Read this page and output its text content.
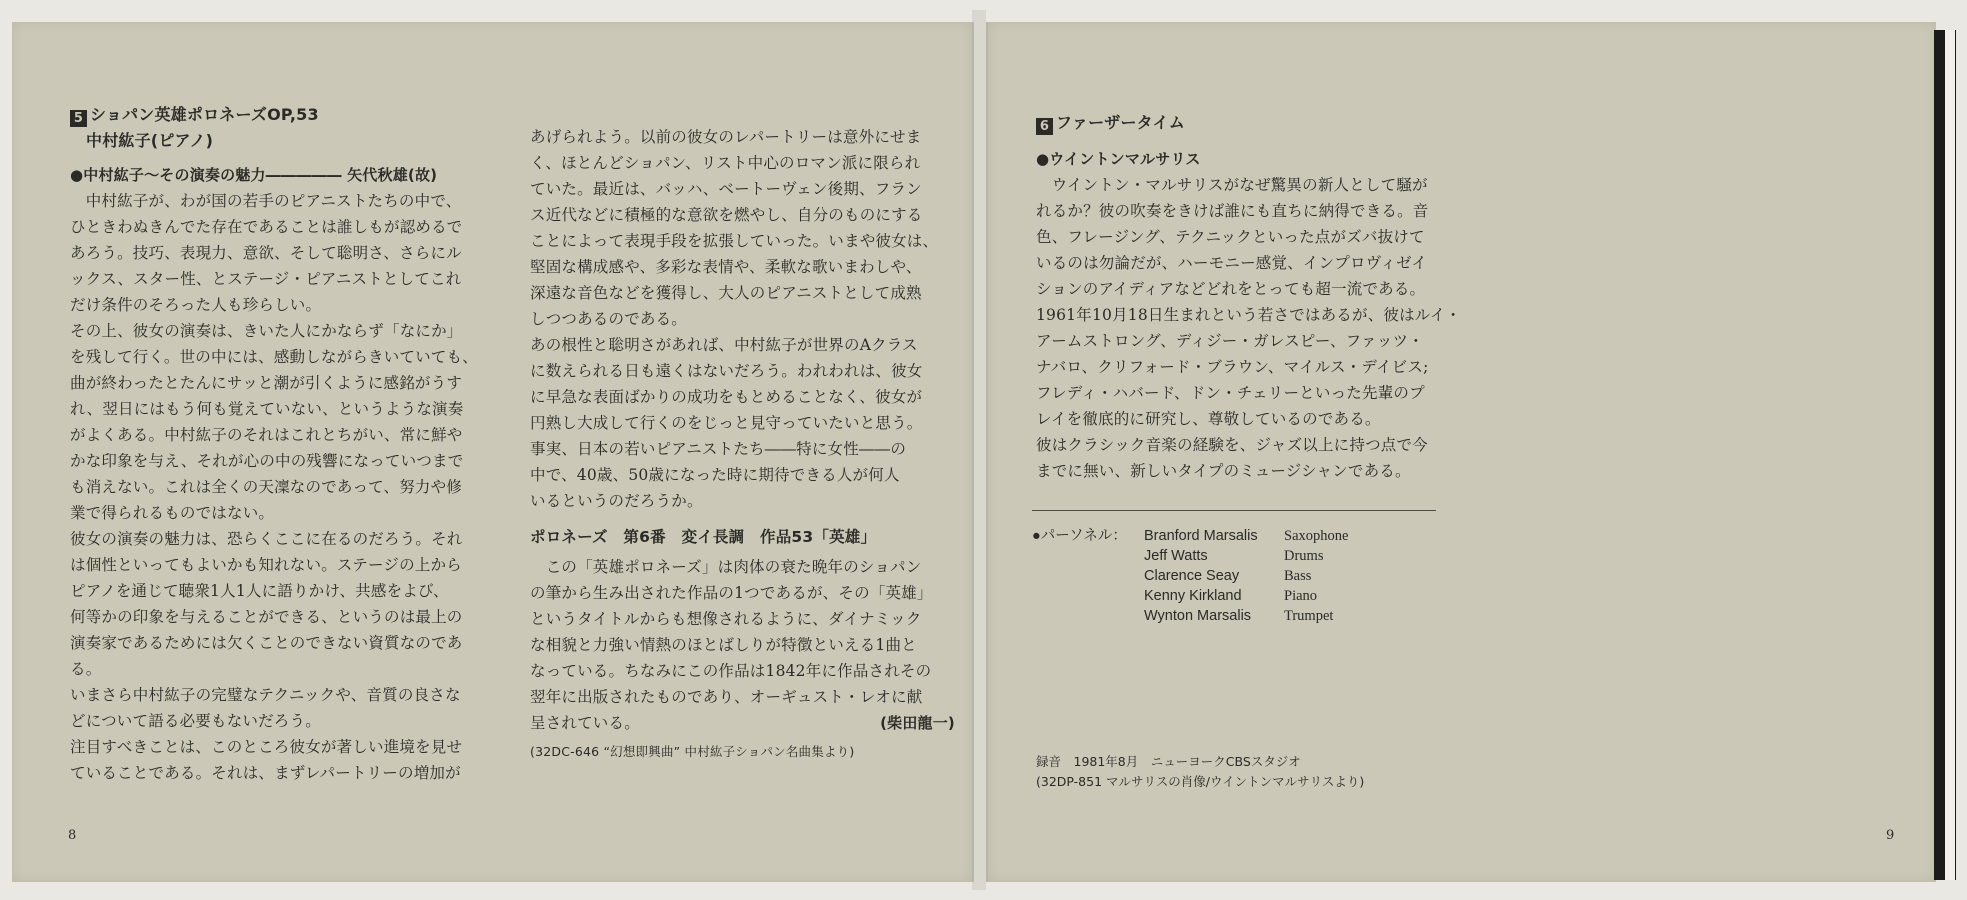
5 ショパン英雄ポロネーズOP,53
中村紘子(ピアノ)
●中村紘子～その演奏の魅力――――― 矢代秋雄(故)

　中村紘子が、わが国の若手のピアニストたちの中で、

ひときわぬきんでた存在であることは誰しもが認めるで

あろう。技巧、表現力、意欲、そして聡明さ、さらにル

ックス、スター性、とステージ・ピアニストとしてこれ

だけ条件のそろった人も珍らしい。

その上、彼女の演奏は、きいた人にかならず「なにか」

を残して行く。世の中には、感動しながらきいていても、

曲が終わったとたんにサッと潮が引くように感銘がうす

れ、翌日にはもう何も覚えていない、というような演奏

がよくある。中村紘子のそれはこれとちがい、常に鮮や

かな印象を与え、それが心の中の残響になっていつまで

も消えない。これは全くの天凜なのであって、努力や修

業で得られるものではない。

彼女の演奏の魅力は、恐らくここに在るのだろう。それ

は個性といってもよいかも知れない。ステージの上から

ピアノを通じて聴衆1人1人に語りかけ、共感をよび、

何等かの印象を与えることができる、というのは最上の

演奏家であるためには欠くことのできない資質なのである。

いまさら中村紘子の完璧なテクニックや、音質の良さな

どについて語る必要もないだろう。

注目すべきことは、このところ彼女が著しい進境を見せ

ていることである。それは、まずレパートリーの増加が

あげられよう。以前の彼女のレパートリーは意外にせま

く、ほとんどショパン、リスト中心のロマン派に限られ

ていた。最近は、バッハ、ベートーヴェン後期、フラン

ス近代などに積極的な意欲を燃やし、自分のものにする

ことによって表現手段を拡張していった。いまや彼女は、

堅固な構成感や、多彩な表情や、柔軟な歌いまわしや、

深遠な音色などを獲得し、大人のピアニストとして成熟

しつつあるのである。

あの根性と聡明さがあれば、中村紘子が世界のAクラス

に数えられる日も遠くはないだろう。われわれは、彼女

に早急な表面ばかりの成功をもとめることなく、彼女が

円熟し大成して行くのをじっと見守っていたいと思う。

事実、日本の若いピアニストたち――特に女性――の

中で、40歳、50歳になった時に期待できる人が何人

いるというのだろうか。

ポロネーズ　第6番　変イ長調　作品53「英雄」

　この「英雄ポロネーズ」は肉体の衰た晩年のショパン

の筆から生み出された作品の1つであるが、その「英雄」

というタイトルからも想像されるように、ダイナミック

な相貌と力強い情熱のほとばしりが特徴といえる1曲と

なっている。ちなみにこの作品は1842年に作品されその

翌年に出版されたものであり、オーギュスト・レオに献

呈されている。	(柴田龍一)
(32DC-646 “幻想即興曲” 中村紘子ショパン名曲集より)
8
6 ファーザータイム
●ウイントンマルサリス

　ウイントン・マルサリスがなぜ驚異の新人として騒が

れるか？彼の吹奏をきけば誰にも直ちに納得できる。音

色、フレージング、テクニックといった点がズバ抜けて

いるのは勿論だが、ハーモニー感覚、インプロヴィゼイ

ションのアイディアなどどれをとっても超一流である。

1961年10月18日生まれという若さではあるが、彼はルイ・

アームストロング、ディジー・ガレスピー、ファッツ・

ナバロ、クリフォード・ブラウン、マイルス・デイビス;

フレディ・ハバード、ドン・チェリーといった先輩のプ

レイを徹底的に研究し、尊敬しているのである。

彼はクラシック音楽の経験を、ジャズ以上に持つ点で今

までに無い、新しいタイプのミュージシャンである。

●パーソネル： Branford Marsalis Saxophone
Jeff Watts	Drums
Clarence Seay	Bass
Kenny Kirkland	Piano
Wynton Marsalis Trumpet
録音　1981年8月　ニューヨークCBSスタジオ
(32DP-851 マルサリスの肖像/ウイントンマルサリスより)
9
